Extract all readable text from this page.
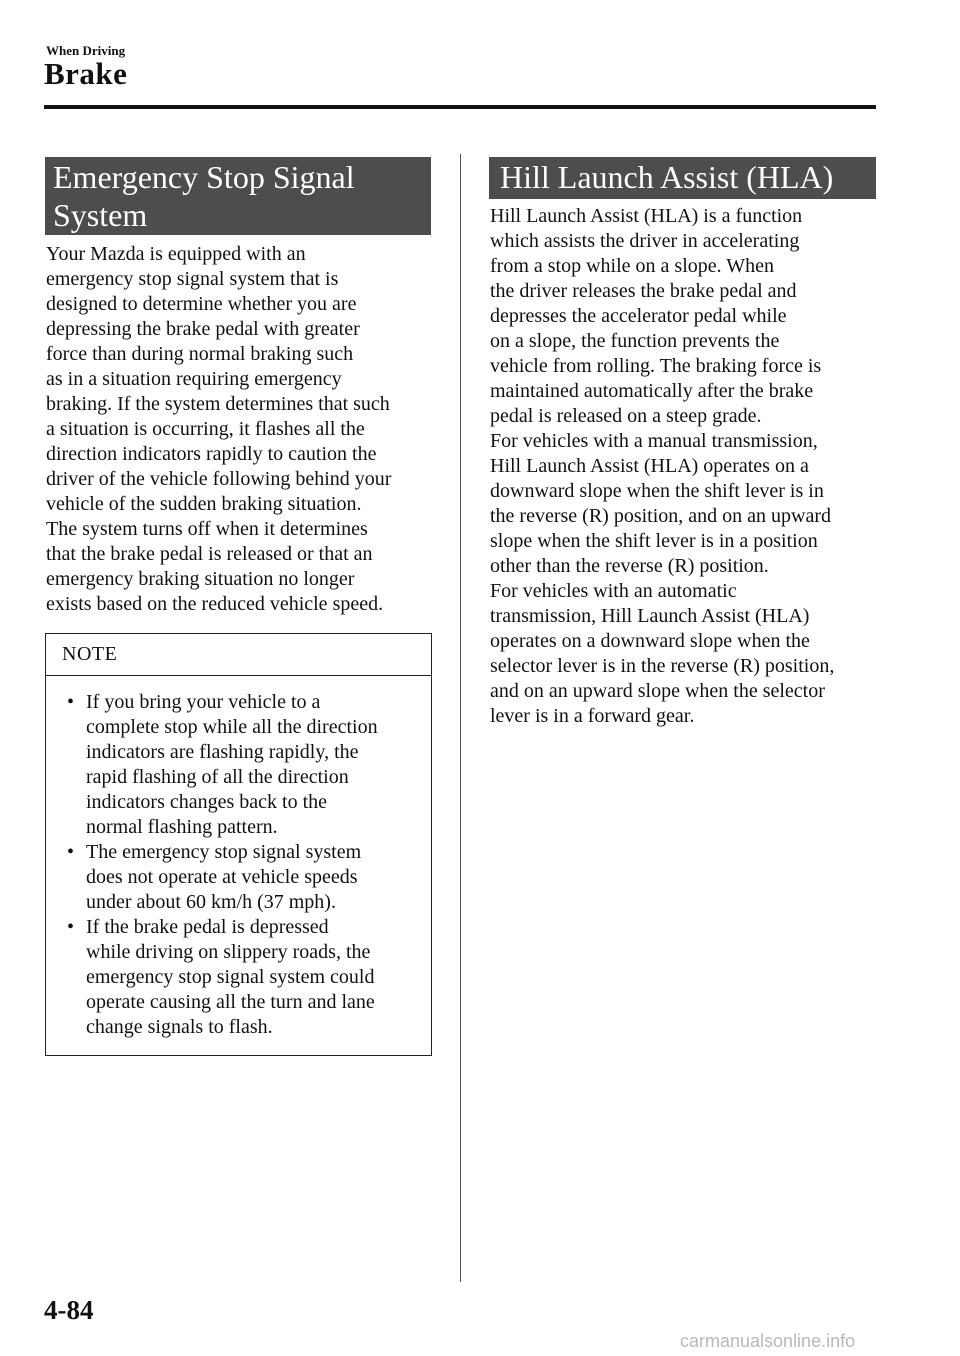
When Driving
Brake
Emergency Stop Signal
System
Your Mazda is equipped with an
emergency stop signal system that is
designed to determine whether you are
depressing the brake pedal with greater
force than during normal braking such
as in a situation requiring emergency
braking. If the system determines that such
a situation is occurring, it flashes all the
direction indicators rapidly to caution the
driver of the vehicle following behind your
vehicle of the sudden braking situation.
The system turns off when it determines
that the brake pedal is released or that an
emergency braking situation no longer
exists based on the reduced vehicle speed.
NOTE
• If you bring your vehicle to a
complete stop while all the direction
indicators are flashing rapidly, the
rapid flashing of all the direction
indicators changes back to the
normal flashing pattern.
• The emergency stop signal system
does not operate at vehicle speeds
under about 60 km/h (37 mph).
• If the brake pedal is depressed
while driving on slippery roads, the
emergency stop signal system could
operate causing all the turn and lane
change signals to flash.
Hill Launch Assist (HLA)
Hill Launch Assist (HLA) is a function
which assists the driver in accelerating
from a stop while on a slope. When
the driver releases the brake pedal and
depresses the accelerator pedal while
on a slope, the function prevents the
vehicle from rolling. The braking force is
maintained automatically after the brake
pedal is released on a steep grade.
For vehicles with a manual transmission,
Hill Launch Assist (HLA) operates on a
downward slope when the shift lever is in
the reverse (R) position, and on an upward
slope when the shift lever is in a position
other than the reverse (R) position.
For vehicles with an automatic
transmission, Hill Launch Assist (HLA)
operates on a downward slope when the
selector lever is in the reverse (R) position,
and on an upward slope when the selector
lever is in a forward gear.
4-84
carmanualsonline.info
